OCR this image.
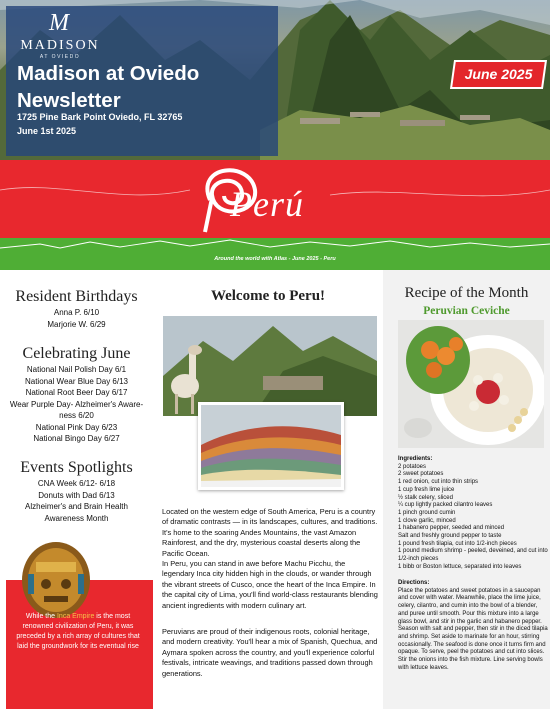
M
MADISON
AT OVIEDO
Madison at Oviedo Newsletter
1725 Pine Bark Point Oviedo, FL 32765
June 1st 2025
June 2025
Perú
Around the world with Atlas - June 2025 - Peru
Resident Birthdays
Anna P. 6/10
Marjorie W. 6/29
Celebrating June
National Nail Polish Day 6/1
National Wear Blue Day 6/13
National Root Beer Day 6/17
Wear Purple Day- Alzheimer's Aware-
ness 6/20
National Pink Day 6/23
National Bingo Day 6/27
Events Spotlights
CNA Week 6/12- 6/18
Donuts with Dad 6/13
Alzheimer's and Brain Health
Awareness Month
While the Inca Empire is the most renowned civilization of Peru, it was preceded by a rich array of cultures that laid the groundwork for its eventual rise
Welcome to Peru!
Located on the western edge of South America, Peru is a country of dramatic contrasts — in its landscapes, cultures, and traditions. It's home to the soaring Andes Mountains, the vast Amazon Rainforest, and the dry, mysterious coastal deserts along the Pacific Ocean.
In Peru, you can stand in awe before Machu Picchu, the legendary Inca city hidden high in the clouds, or wander through the vibrant streets of Cusco, once the heart of the Inca Empire. In the capital city of Lima, you'll find world-class restaurants blending ancient ingredients with modern culinary art.
Peruvians are proud of their indigenous roots, colonial heritage, and modern creativity. You'll hear a mix of Spanish, Quechua, and Aymara spoken across the country, and you'll experience colorful festivals, intricate weavings, and traditions passed down through generations.
Recipe of the Month
Peruvian Ceviche
Ingredients:
2 potatoes
2 sweet potatoes
1 red onion, cut into thin strips
1 cup fresh lime juice
½ stalk celery, sliced
¼ cup lightly packed cilantro leaves
1 pinch ground cumin
1 clove garlic, minced
1 habanero pepper, seeded and minced
Salt and freshly ground pepper to taste
1 pound fresh tilapia, cut into 1/2-inch pieces
1 pound medium shrimp - peeled, deveined, and cut into 1/2-inch pieces
1 bibb or Boston lettuce, separated into leaves
Directions:
Place the potatoes and sweet potatoes in a saucepan and cover with water. Meanwhile, place the lime juice, celery, cilantro, and cumin into the bowl of a blender, and puree until smooth. Pour this mixture into a large glass bowl, and stir in the garlic and habanero pepper. Season with salt and pepper, then stir in the diced tilapia and shrimp. Set aside to marinate for an hour, stirring occasionally. The seafood is done once it turns firm and opaque. To serve, peel the potatoes and cut into slices. Stir the onions into the fish mixture. Line serving bowls with lettuce leaves.
